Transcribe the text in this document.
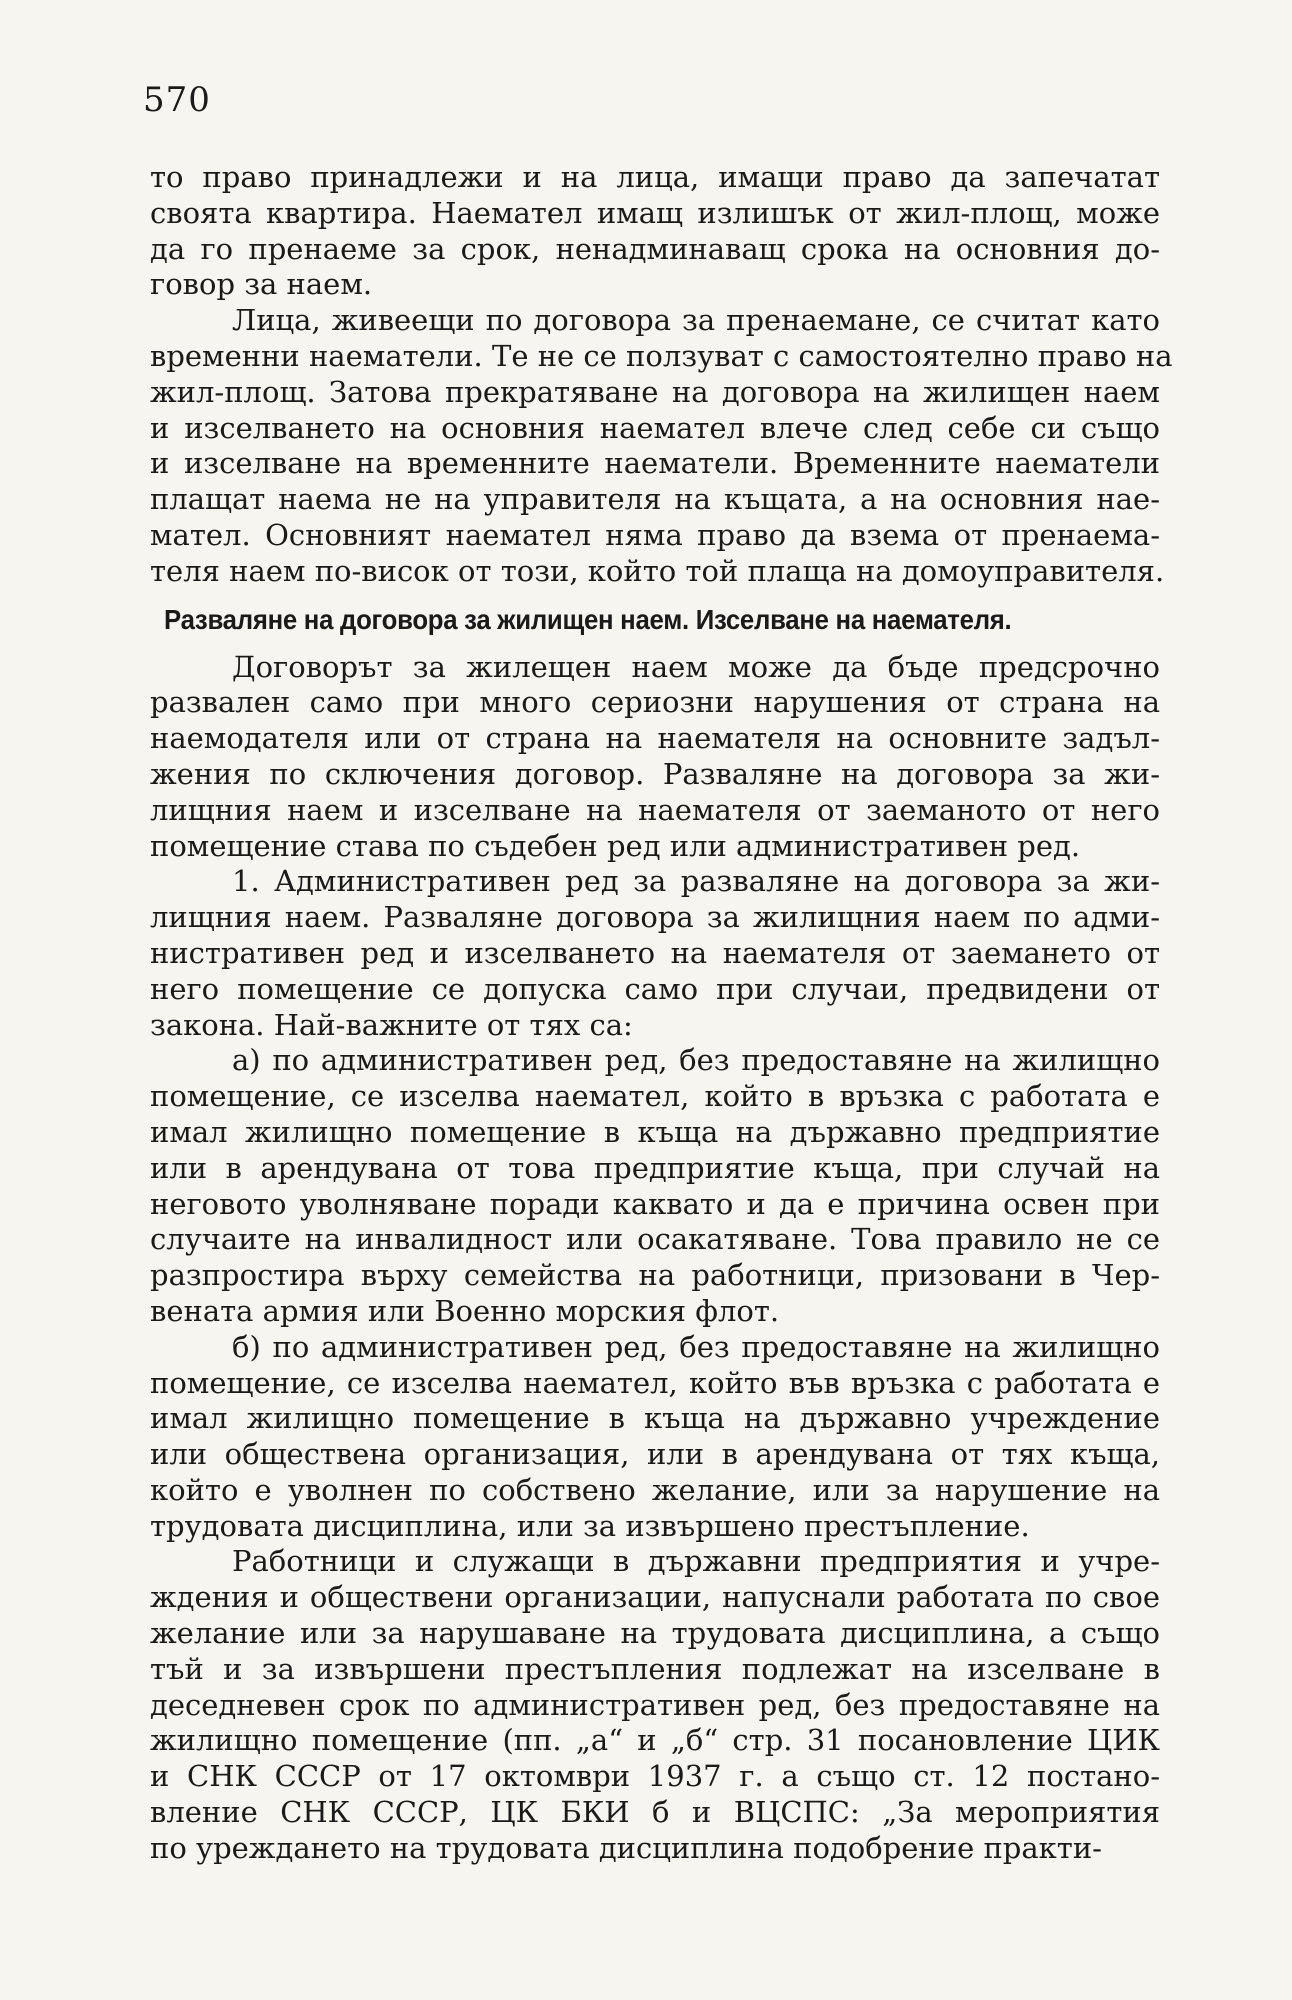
570
то право принадлежи и на лица, имащи право да запечатат
своята квартира. Наемател имащ излишък от жил-площ, може
да го пренаеме за срок, ненадминаващ срока на основния до-
говор за наем.
Лица, живеещи по договора за пренаемане, се считат като
временни наематели. Те не се ползуват с самостоятелно право на
жил-площ. Затова прекратяване на договора на жилищен наем
и изселването на основния наемател влече след себе си също
и изселване на временните наематели. Временните наематели
плащат наема не на управителя на къщата, а на основния нае-
мател. Основният наемател няма право да взема от пренаема-
теля наем по-висок от този, който той плаща на домоуправителя.
Разваляне на договора за жилищен наем. Изселване на наемателя.
Договорът за жилещен наем може да бъде предсрочно
развален само при много сериозни нарушения от страна на
наемодателя или от страна на наемателя на основните задъл-
жения по сключения договор. Разваляне на договора за жи-
лищния наем и изселване на наемателя от заеманото от него
помещение става по съдебен ред или административен ред.
1. Административен ред за разваляне на договора за жи-
лищния наем. Разваляне договора за жилищния наем по адми-
нистративен ред и изселването на наемателя от заемането от
него помещение се допуска само при случаи, предвидени от
закона. Най-важните от тях са:
а) по административен ред, без предоставяне на жилищно
помещение, се изселва наемател, който в връзка с работата е
имал жилищно помещение в къща на държавно предприятие
или в арендувана от това предприятие къща, при случай на
неговото уволняване поради каквато и да е причина освен при
случаите на инвалидност или осакатяване. Това правило не се
разпростира върху семейства на работници, призовани в Чер-
вената армия или Военно морския флот.
б) по административен ред, без предоставяне на жилищно
помещение, се изселва наемател, който във връзка с работата е
имал жилищно помещение в къща на държавно учреждение
или обществена организация, или в арендувана от тях къща,
който е уволнен по собствено желание, или за нарушение на
трудовата дисциплина, или за извършено престъпление.
Работници и служащи в държавни предприятия и учре-
ждения и обществени организации, напуснали работата по свое
желание или за нарушаване на трудовата дисциплина, а също
тъй и за извършени престъпления подлежат на изселване в
деседневен срок по административен ред, без предоставяне на
жилищно помещение (пп. „а“ и „б“ стр. 31 посановление ЦИК
и СНК СССР от 17 октомври 1937 г. а също ст. 12 постано-
вление СНК СССР, ЦК БКИ б и ВЦСПС: „За мероприятия
по уреждането на трудовата дисциплина подобрение практи-
